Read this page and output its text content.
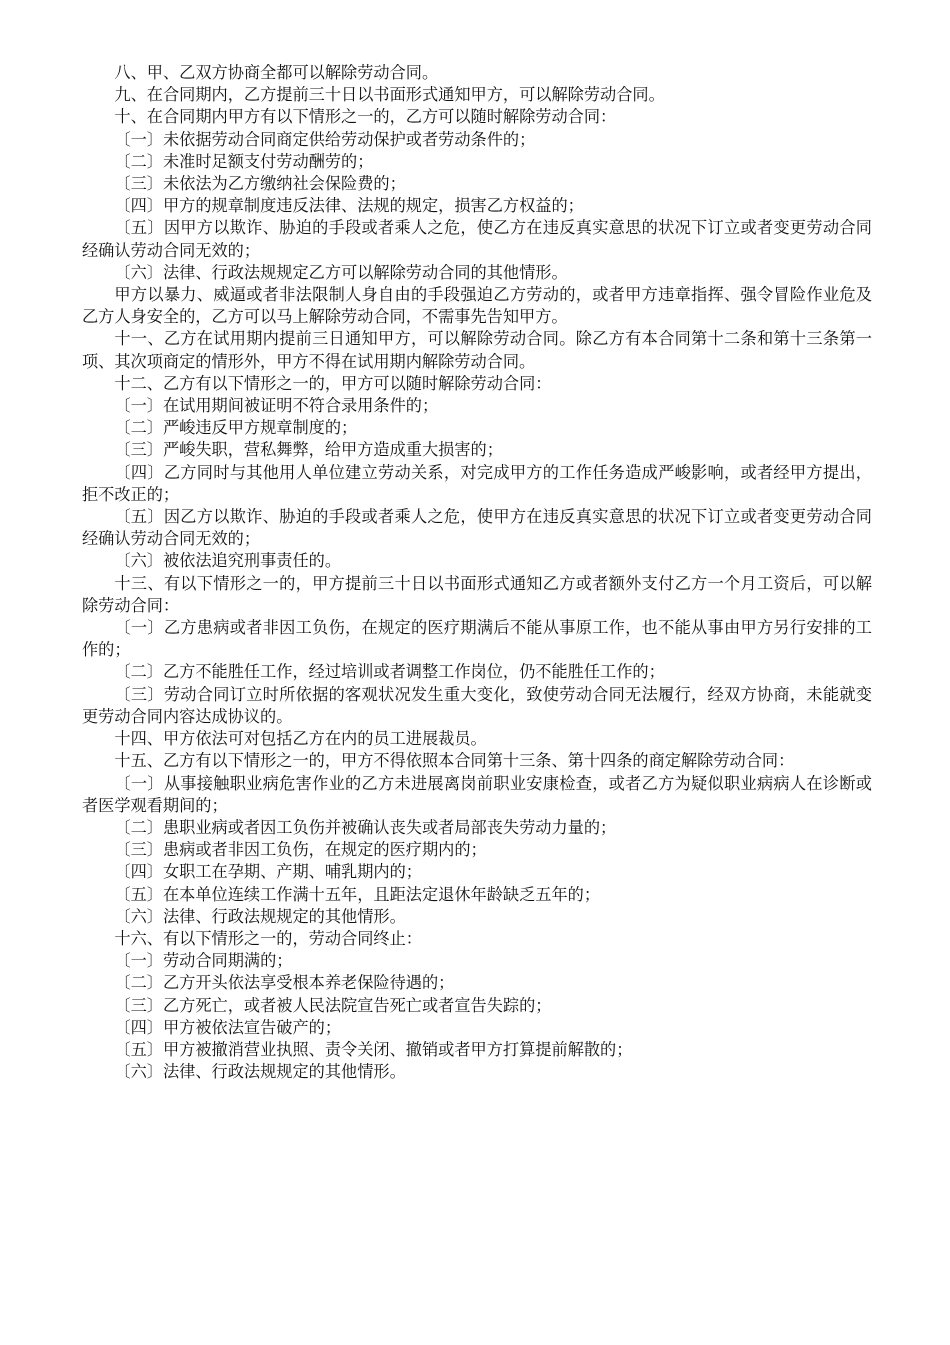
八、甲、乙双方协商全都可以解除劳动合同。

九、在合同期内，乙方提前三十日以书面形式通知甲方，可以解除劳动合同。

十、在合同期内甲方有以下情形之一的，乙方可以随时解除劳动合同：

〔一〕未依据劳动合同商定供给劳动保护或者劳动条件的；

〔二〕未准时足额支付劳动酬劳的；

〔三〕未依法为乙方缴纳社会保险费的；

〔四〕甲方的规章制度违反法律、法规的规定，损害乙方权益的；

〔五〕因甲方以欺诈、胁迫的手段或者乘人之危，使乙方在违反真实意思的状况下订立或者变更劳动合同经确认劳动合同无效的；

〔六〕法律、行政法规规定乙方可以解除劳动合同的其他情形。

甲方以暴力、威逼或者非法限制人身自由的手段强迫乙方劳动的，或者甲方违章指挥、强令冒险作业危及乙方人身安全的，乙方可以马上解除劳动合同，不需事先告知甲方。

十一、乙方在试用期内提前三日通知甲方，可以解除劳动合同。除乙方有本合同第十二条和第十三条第一项、其次项商定的情形外，甲方不得在试用期内解除劳动合同。

十二、乙方有以下情形之一的，甲方可以随时解除劳动合同：

〔一〕在试用期间被证明不符合录用条件的；

〔二〕严峻违反甲方规章制度的；

〔三〕严峻失职，营私舞弊，给甲方造成重大损害的；

〔四〕乙方同时与其他用人单位建立劳动关系，对完成甲方的工作任务造成严峻影响，或者经甲方提出，拒不改正的；

〔五〕因乙方以欺诈、胁迫的手段或者乘人之危，使甲方在违反真实意思的状况下订立或者变更劳动合同经确认劳动合同无效的；

〔六〕被依法追究刑事责任的。

十三、有以下情形之一的，甲方提前三十日以书面形式通知乙方或者额外支付乙方一个月工资后，可以解除劳动合同：

〔一〕乙方患病或者非因工负伤，在规定的医疗期满后不能从事原工作，也不能从事由甲方另行安排的工作的；

〔二〕乙方不能胜任工作，经过培训或者调整工作岗位，仍不能胜任工作的；

〔三〕劳动合同订立时所依据的客观状况发生重大变化，致使劳动合同无法履行，经双方协商，未能就变更劳动合同内容达成协议的。

十四、甲方依法可对包括乙方在内的员工进展裁员。

十五、乙方有以下情形之一的，甲方不得依照本合同第十三条、第十四条的商定解除劳动合同：

〔一〕从事接触职业病危害作业的乙方未进展离岗前职业安康检查，或者乙方为疑似职业病病人在诊断或者医学观看期间的；

〔二〕患职业病或者因工负伤并被确认丧失或者局部丧失劳动力量的；

〔三〕患病或者非因工负伤，在规定的医疗期内的；

〔四〕女职工在孕期、产期、哺乳期内的；

〔五〕在本单位连续工作满十五年，且距法定退休年龄缺乏五年的；

〔六〕法律、行政法规规定的其他情形。

十六、有以下情形之一的，劳动合同终止：

〔一〕劳动合同期满的；

〔二〕乙方开头依法享受根本养老保险待遇的；

〔三〕乙方死亡，或者被人民法院宣告死亡或者宣告失踪的；

〔四〕甲方被依法宣告破产的；

〔五〕甲方被撤消营业执照、责令关闭、撤销或者甲方打算提前解散的；

〔六〕法律、行政法规规定的其他情形。
